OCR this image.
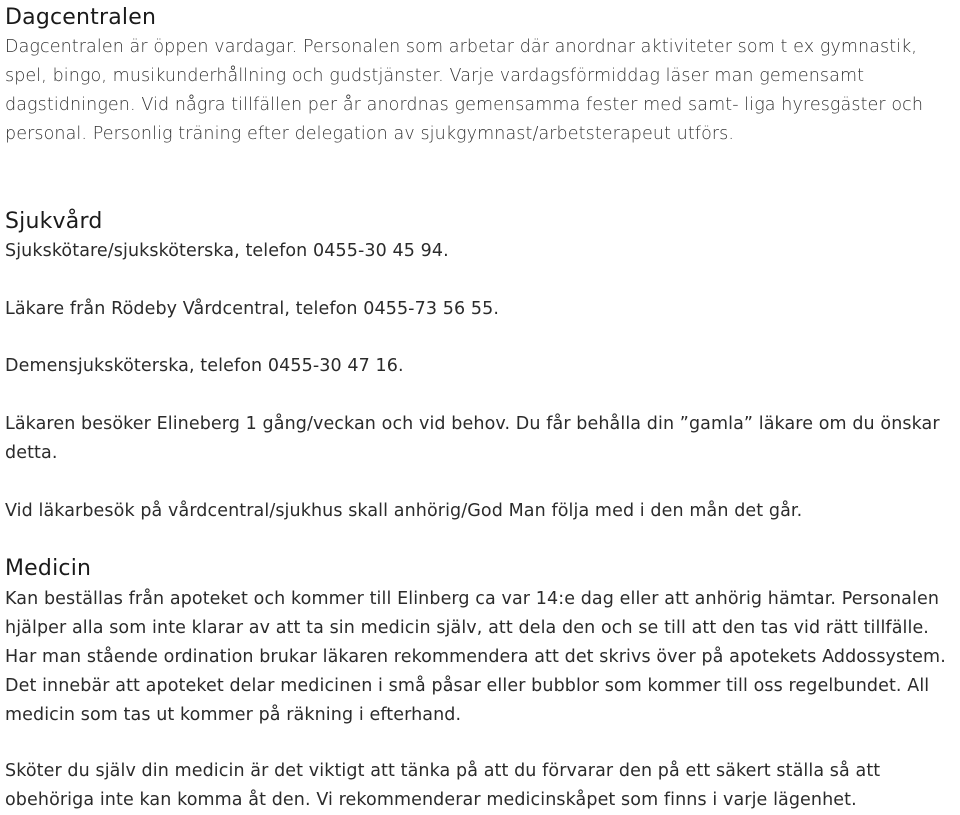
Dagcentralen

Dagcentralen är öppen vardagar. Personalen som arbetar där anordnar aktiviteter som t ex gymnastik, spel, bingo, musikunderhållning och gudstjänster. Varje vardagsförmiddag läser man gemensamt dagstidningen. Vid några tillfällen per år anordnas gemensamma fester med samt- liga hyresgäster och personal. Personlig träning efter delegation av sjukgymnast/arbetsterapeut utförs.

Sjukvård

Sjukskötare/sjuksköterska, telefon 0455-30 45 94.

Läkare från Rödeby Vårdcentral, telefon 0455-73 56 55.

Demensjuksköterska, telefon 0455-30 47 16.

Läkaren besöker Elineberg 1 gång/veckan och vid behov. Du får behålla din ”gamla” läkare om du önskar detta.

Vid läkarbesök på vårdcentral/sjukhus skall anhörig/God Man följa med i den mån det går.

Medicin

Kan beställas från apoteket och kommer till Elinberg ca var 14:e dag eller att anhörig hämtar. Personalen hjälper alla som inte klarar av att ta sin medicin själv, att dela den och se till att den tas vid rätt tillfälle. Har man stående ordination brukar läkaren rekommendera att det skrivs över på apotekets Addossystem. Det innebär att apoteket delar medicinen i små påsar eller bubblor som kommer till oss regelbundet. All medicin som tas ut kommer på räkning i efterhand.

Sköter du själv din medicin är det viktigt att tänka på att du förvarar den på ett säkert ställa så att obehöriga inte kan komma åt den. Vi rekommenderar medicinskåpet som finns i varje lägenhet.
